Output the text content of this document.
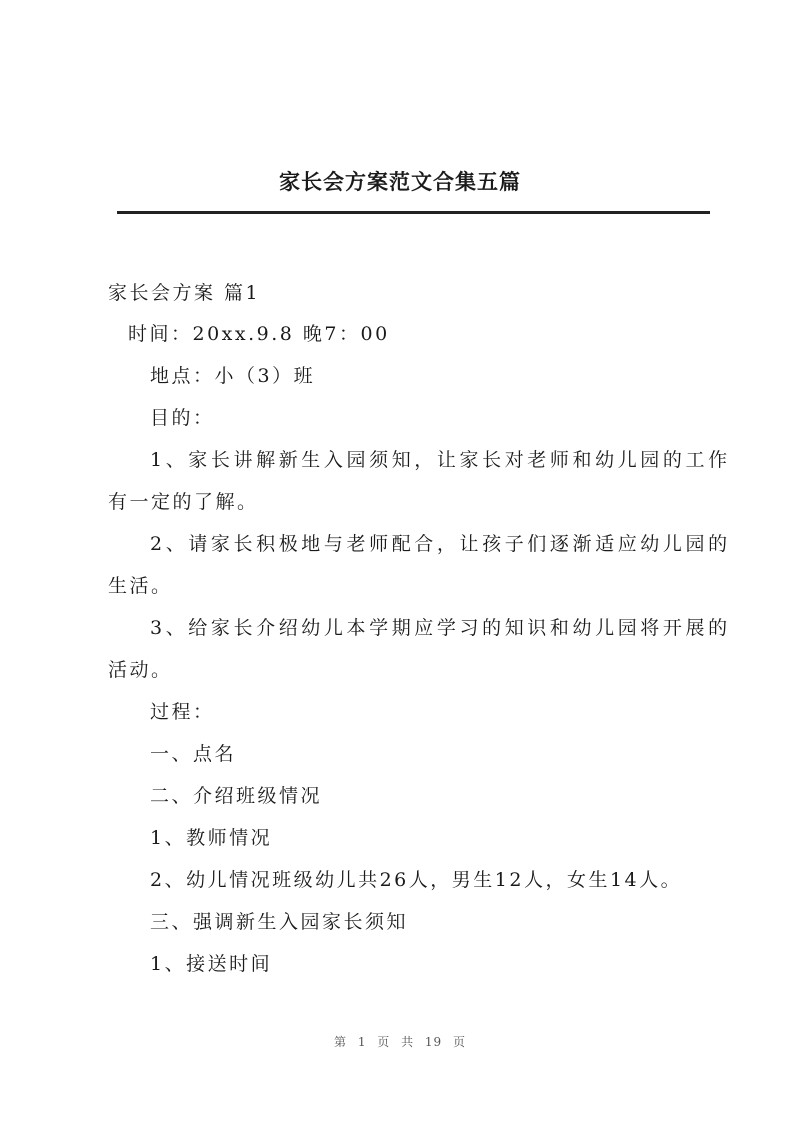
家长会方案范文合集五篇
家长会方案 篇1
时间：20xx.9.8 晚7：00
地点：小（3）班
目的：
1、家长讲解新生入园须知，让家长对老师和幼儿园的工作
有一定的了解。
2、请家长积极地与老师配合，让孩子们逐渐适应幼儿园的
生活。
3、给家长介绍幼儿本学期应学习的知识和幼儿园将开展的
活动。
过程：
一、点名
二、介绍班级情况
1、教师情况
2、幼儿情况班级幼儿共26人，男生12人，女生14人。
三、强调新生入园家长须知
1、接送时间
第 1 页 共 19 页
